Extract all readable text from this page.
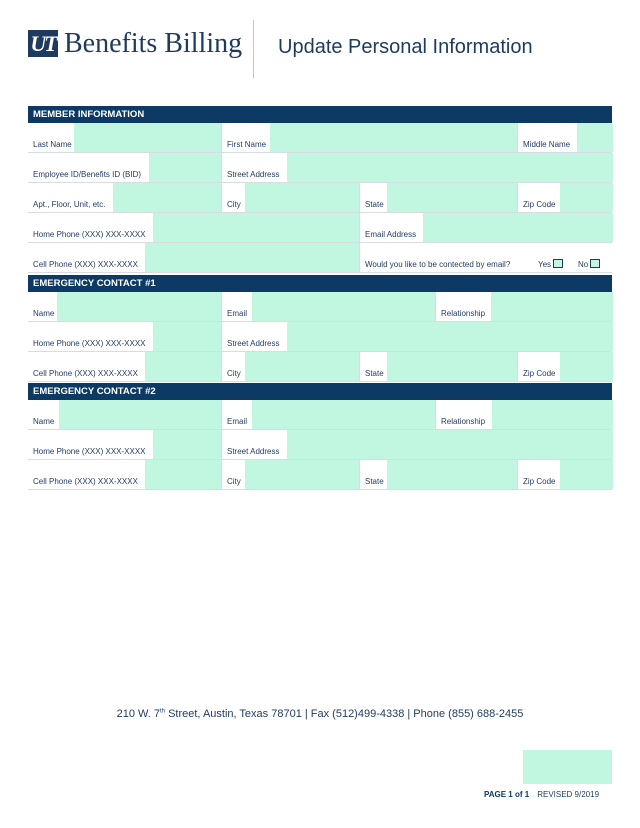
UT Benefits Billing Update Personal Information
MEMBER INFORMATION
Last Name	First Name	Middle Name
Employee ID/Benefits ID (BID)	Street Address
Apt., Floor, Unit, etc.	City	State	Zip Code
Home Phone (XXX) XXX-XXXX	Email Address
Cell Phone (XXX) XXX-XXXX	Would you like to be contected by email?	Yes	No
EMERGENCY CONTACT #1
Name	Email	Relationship
Home Phone (XXX) XXX-XXXX	Street Address
Cell Phone (XXX) XXX-XXXX	City	State	Zip Code
EMERGENCY CONTACT #2
Name	Email	Relationship
Home Phone (XXX) XXX-XXXX	Street Address
Cell Phone (XXX) XXX-XXXX	City	State	Zip Code
210 W. 7th Street, Austin, Texas 78701 | Fax (512)499-4338 | Phone (855) 688-2455
PAGE 1 of 1 REVISED 9/2019
